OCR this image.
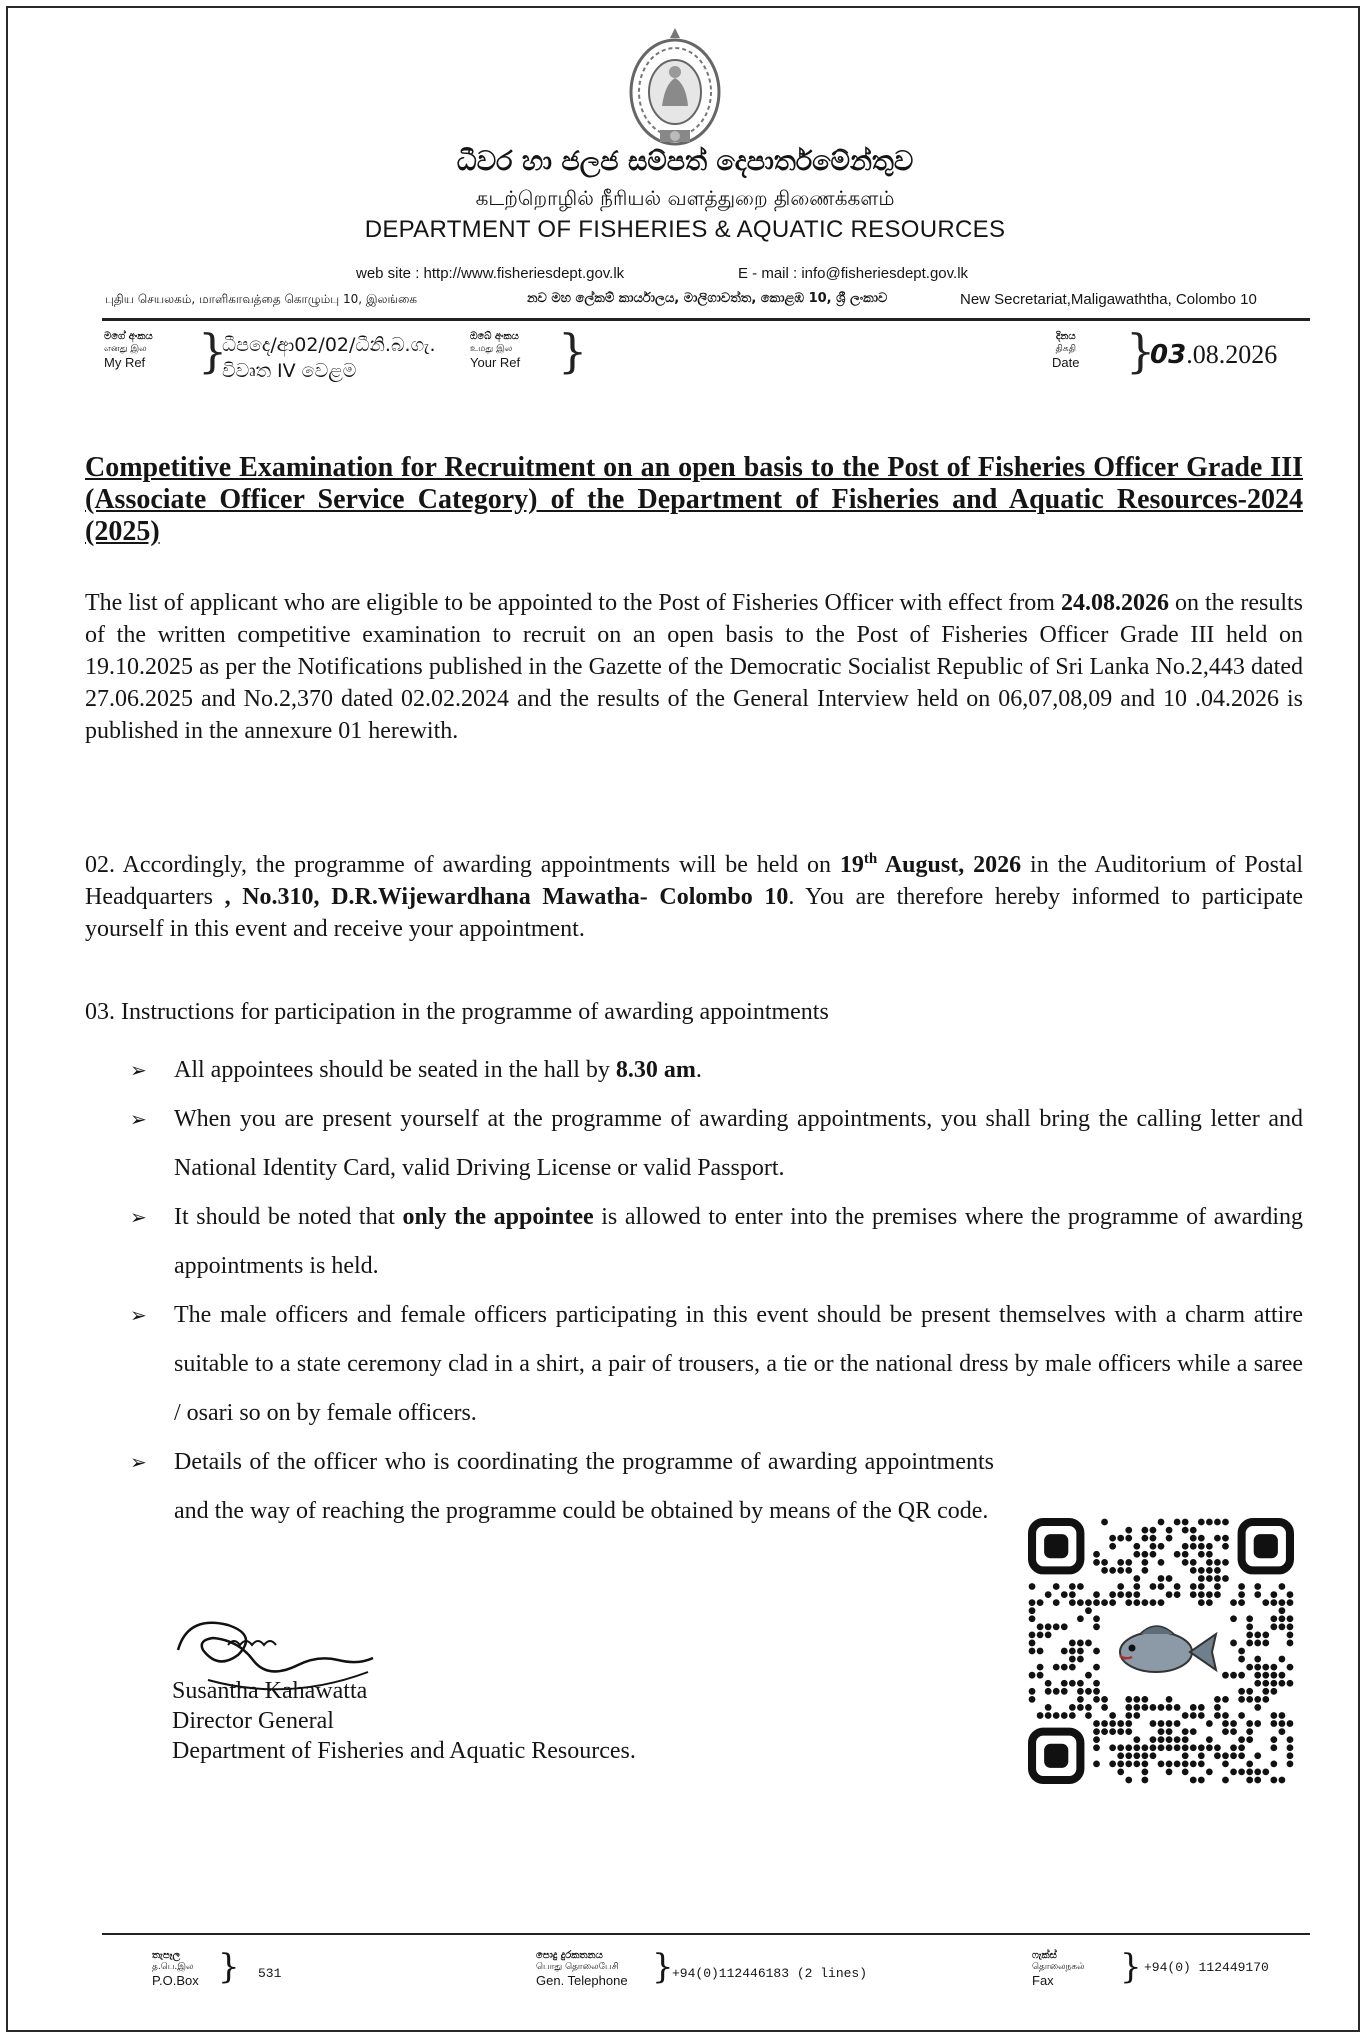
ධීවර හා ජලජ සම්පත් දෙපාර්තමේන්තුව
கடற்றொழில் நீரியல் வளத்துறை திணைக்களம்
DEPARTMENT OF FISHERIES & AQUATIC RESOURCES
web site : http://www.fisheriesdept.gov.lk	E - mail : info@fisheriesdept.gov.lk
புதிய செயலகம், மாளிகாவத்தை கொழும்பு 10, இலங்கை	නව මහ ලේකම් කාර්යාලය, මාලිගාවත්ත, කොළඹ 10, ශ්‍රී ලංකාව	New Secretariat,Maligawaththa, Colombo 10
මගේ අංකය
எனது இல
My Ref }
ධීපදෙ/ආ02/02/ධීනි.බ.ගැ.
විවෘත IV වෙළම
ඔබේ අංකය
உமது இல
Your Ref }	දිනය
திகதி
Date }
03.08.2026
Competitive Examination for Recruitment on an open basis to the Post of Fisheries Officer Grade III (Associate Officer Service Category) of the Department of Fisheries and Aquatic Resources-2024 (2025)
The list of applicant who are eligible to be appointed to the Post of Fisheries Officer with effect from 24.08.2026 on the results of the written competitive examination to recruit on an open basis to the Post of Fisheries Officer Grade III held on 19.10.2025 as per the Notifications published in the Gazette of the Democratic Socialist Republic of Sri Lanka No.2,443 dated 27.06.2025 and No.2,370 dated 02.02.2024 and the results of the General Interview held on 06,07,08,09 and 10 .04.2026 is published in the annexure 01 herewith.
02. Accordingly, the programme of awarding appointments will be held on 19th August, 2026 in the Auditorium of Postal Headquarters , No.310, D.R.Wijewardhana Mawatha- Colombo 10. You are therefore hereby informed to participate yourself in this event and receive your appointment.
03. Instructions for participation in the programme of awarding appointments
➢ All appointees should be seated in the hall by 8.30 am.
➢ When you are present yourself at the programme of awarding appointments, you shall bring the calling letter and National Identity Card, valid Driving License or valid Passport.
➢ It should be noted that only the appointee is allowed to enter into the premises where the programme of awarding appointments is held.
➢ The male officers and female officers participating in this event should be present themselves with a charm attire suitable to a state ceremony clad in a shirt, a pair of trousers, a tie or the national dress by male officers while a saree / osari so on by female officers.
➢ Details of the officer who is coordinating the programme of awarding appointments and the way of reaching the programme could be obtained by means of the QR code.
Susantha Kahawatta
Director General
Department of Fisheries and Aquatic Resources.
තැපෑල
த.பெ.இல
P.O.Box } 531
පොදු දුරකතනය
பொது தொலைபேசி
Gen. Telephone }
+94(0)112446183 (2 lines)
ෆැක්ස්
தொலைநகல்
Fax	} +94(0) 112449170
